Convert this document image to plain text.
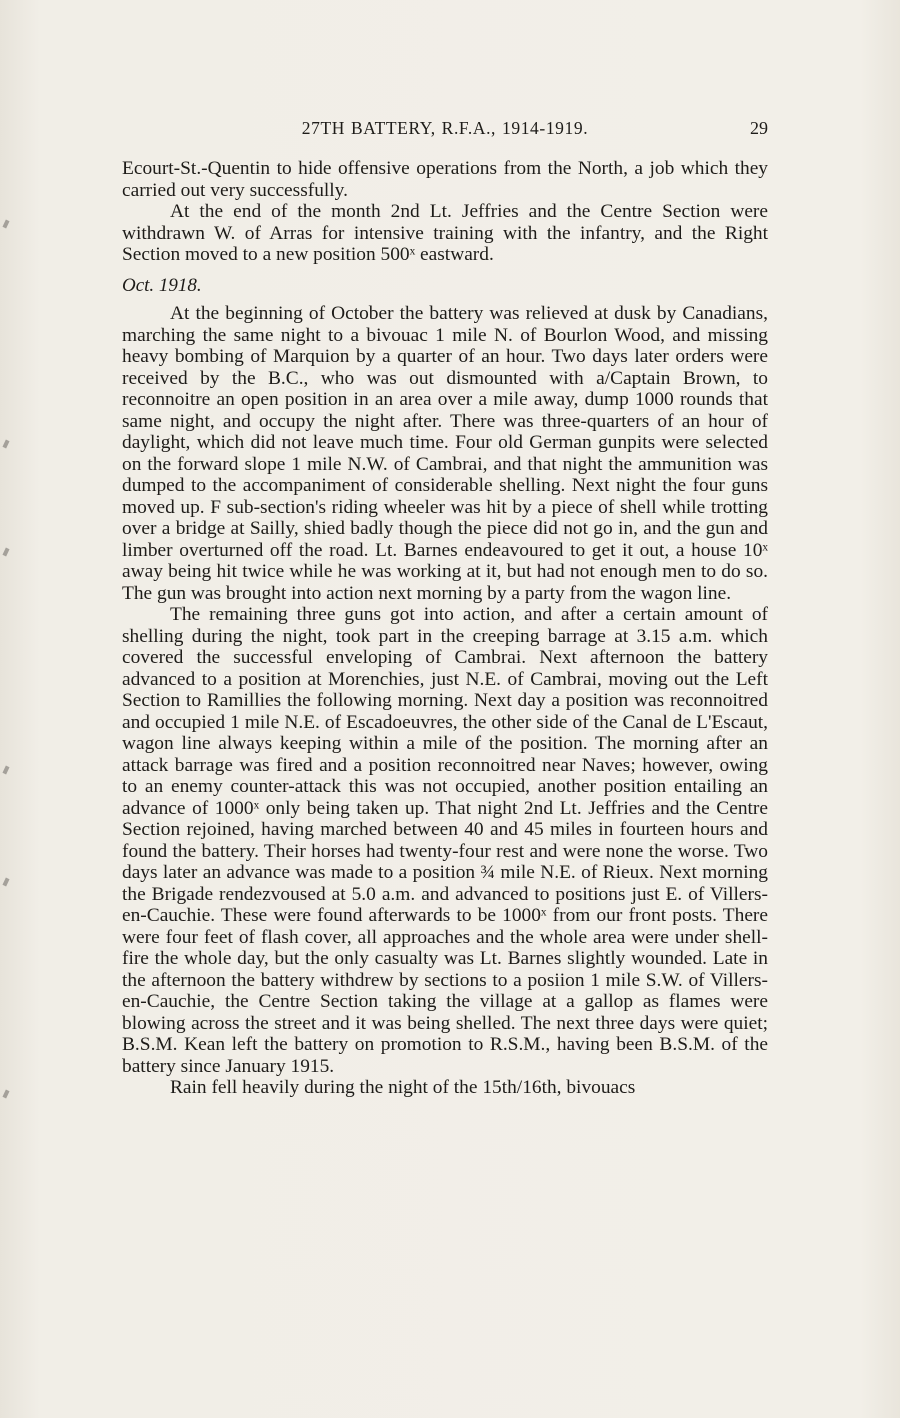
27TH BATTERY, R.F.A., 1914-1919.	29

Ecourt-St.-Quentin to hide offensive operations from the North, a job which they carried out very successfully.

At the end of the month 2nd Lt. Jeffries and the Centre Section were withdrawn W. of Arras for intensive training with the infantry, and the Right Section moved to a new position 500ˣ eastward.

Oct. 1918.

At the beginning of October the battery was relieved at dusk by Canadians, marching the same night to a bivouac 1 mile N. of Bourlon Wood, and missing heavy bombing of Marquion by a quarter of an hour. Two days later orders were received by the B.C., who was out dismounted with a/Captain Brown, to reconnoitre an open position in an area over a mile away, dump 1000 rounds that same night, and occupy the night after. There was three-quarters of an hour of daylight, which did not leave much time. Four old German gunpits were selected on the forward slope 1 mile N.W. of Cambrai, and that night the ammunition was dumped to the accompaniment of considerable shelling. Next night the four guns moved up. F sub-section's riding wheeler was hit by a piece of shell while trotting over a bridge at Sailly, shied badly though the piece did not go in, and the gun and limber overturned off the road. Lt. Barnes endeavoured to get it out, a house 10ˣ away being hit twice while he was working at it, but had not enough men to do so. The gun was brought into action next morning by a party from the wagon line.

The remaining three guns got into action, and after a certain amount of shelling during the night, took part in the creeping barrage at 3.15 a.m. which covered the successful enveloping of Cambrai. Next afternoon the battery advanced to a position at Morenchies, just N.E. of Cambrai, moving out the Left Section to Ramillies the following morning. Next day a position was reconnoitred and occupied 1 mile N.E. of Escadoeuvres, the other side of the Canal de L'Escaut, wagon line always keeping within a mile of the position. The morning after an attack barrage was fired and a position reconnoitred near Naves; however, owing to an enemy counter-attack this was not occupied, another position entailing an advance of 1000ˣ only being taken up. That night 2nd Lt. Jeffries and the Centre Section rejoined, having marched between 40 and 45 miles in fourteen hours and found the battery. Their horses had twenty-four rest and were none the worse. Two days later an advance was made to a position ¾ mile N.E. of Rieux. Next morning the Brigade rendezvoused at 5.0 a.m. and advanced to positions just E. of Villers-en-Cauchie. These were found afterwards to be 1000ˣ from our front posts. There were four feet of flash cover, all approaches and the whole area were under shell-fire the whole day, but the only casualty was Lt. Barnes slightly wounded. Late in the afternoon the battery withdrew by sections to a posiion 1 mile S.W. of Villers-en-Cauchie, the Centre Section taking the village at a gallop as flames were blowing across the street and it was being shelled. The next three days were quiet; B.S.M. Kean left the battery on promotion to R.S.M., having been B.S.M. of the battery since January 1915.

Rain fell heavily during the night of the 15th/16th, bivouacs
